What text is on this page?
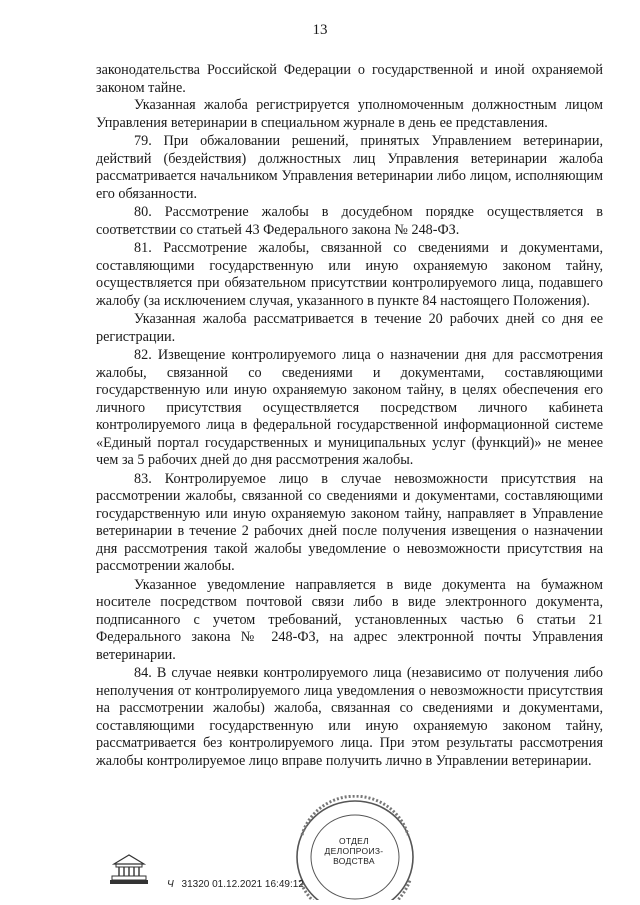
13

законодательства Российской Федерации о государственной и иной охраняемой законом тайне.

Указанная жалоба регистрируется уполномоченным должностным лицом Управления ветеринарии в специальном журнале в день ее представления.

79. При обжаловании решений, принятых Управлением ветеринарии, действий (бездействия) должностных лиц Управления ветеринарии жалоба рассматривается начальником Управления ветеринарии либо лицом, исполняющим его обязанности.

80. Рассмотрение жалобы в досудебном порядке осуществляется в соответствии со статьей 43 Федерального закона № 248-ФЗ.

81. Рассмотрение жалобы, связанной со сведениями и документами, составляющими государственную или иную охраняемую законом тайну, осуществляется при обязательном присутствии контролируемого лица, подавшего жалобу (за исключением случая, указанного в пункте 84 настоящего Положения).

Указанная жалоба рассматривается в течение 20 рабочих дней со дня ее регистрации.

82. Извещение контролируемого лица о назначении дня для рассмотрения жалобы, связанной со сведениями и документами, составляющими государственную или иную охраняемую законом тайну, в целях обеспечения его личного присутствия осуществляется посредством личного кабинета контролируемого лица в федеральной государственной информационной системе «Единый портал государственных и муниципальных услуг (функций)» не менее чем за 5 рабочих дней до дня рассмотрения жалобы.

83. Контролируемое лицо в случае невозможности присутствия на рассмотрении жалобы, связанной со сведениями и документами, составляющими государственную или иную охраняемую законом тайну, направляет в Управление ветеринарии в течение 2 рабочих дней после получения извещения о назначении дня рассмотрения такой жалобы уведомление о невозможности присутствия на рассмотрении жалобы.

Указанное уведомление направляется в виде документа на бумажном носителе посредством почтовой связи либо в виде электронного документа, подписанного с учетом требований, установленных частью 6 статьи 21 Федерального закона № 248-ФЗ, на адрес электронной почты Управления ветеринарии.

84. В случае неявки контролируемого лица (независимо от получения либо неполучения от контролируемого лица уведомления о невозможности присутствия на рассмотрении жалобы) жалоба, связанная со сведениями и документами, составляющими государственную или иную охраняемую законом тайну, рассматривается без контролируемого лица. При этом результаты рассмотрения жалобы контролируемое лицо вправе получить лично в Управлении ветеринарии.

ОТДЕЛ
ДЕЛОПРОИЗ-
ВОДСТВА
Ч 31320 01.12.2021 16:49:12
